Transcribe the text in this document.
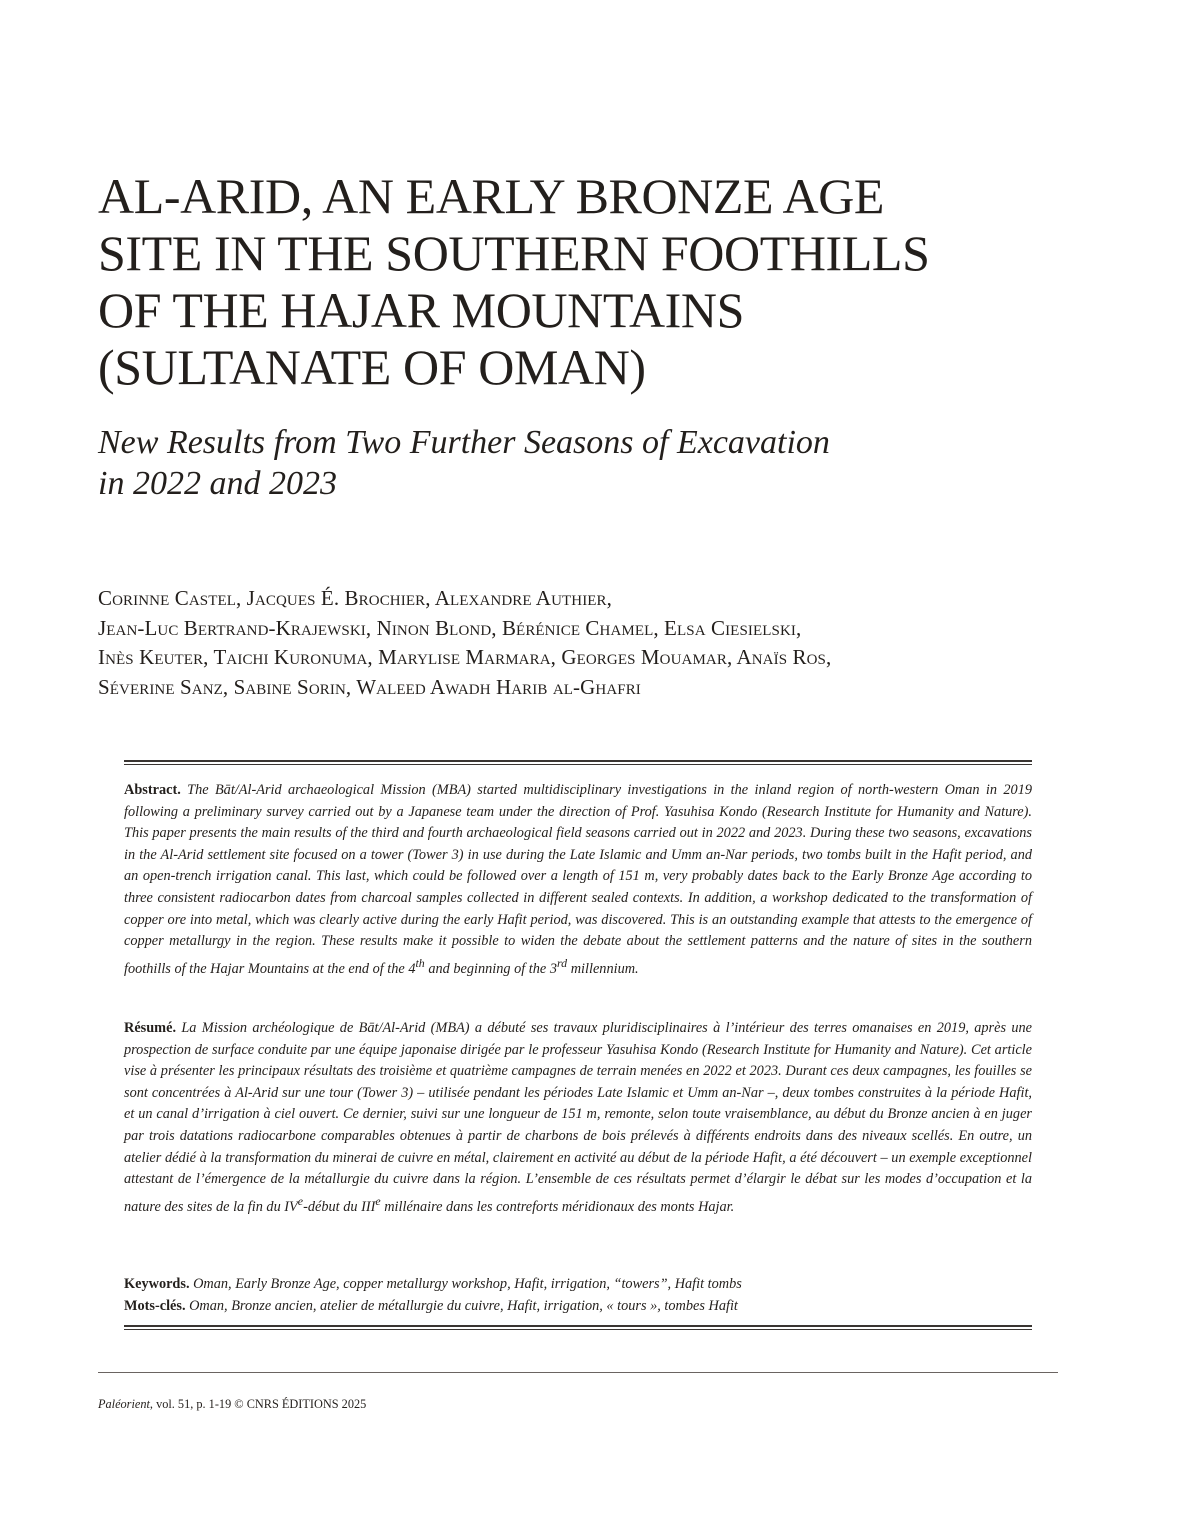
AL-ARID, AN EARLY BRONZE AGE
SITE IN THE SOUTHERN FOOTHILLS
OF THE HAJAR MOUNTAINS
(SULTANATE OF OMAN)
New Results from Two Further Seasons of Excavation
in 2022 and 2023
Corinne Castel, Jacques É. Brochier, Alexandre Authier,
Jean-Luc Bertrand-Krajewski, Ninon Blond, Bérénice Chamel, Elsa Ciesielski,
Inès Keuter, Taichi Kuronuma, Marylise Marmara, Georges Mouamar, Anaïs Ros,
Séverine Sanz, Sabine Sorin, Waleed Awadh Harib al-Ghafri

Abstract. The Bāt/Al-Arid archaeological Mission (MBA) started multidisciplinary investigations in the inland region of north-western Oman in 2019 following a preliminary survey carried out by a Japanese team under the direction of Prof. Yasuhisa Kondo (Research Institute for Humanity and Nature). This paper presents the main results of the third and fourth archaeological field seasons carried out in 2022 and 2023. During these two seasons, excavations in the Al-Arid settlement site focused on a tower (Tower 3) in use during the Late Islamic and Umm an-Nar periods, two tombs built in the Hafit period, and an open-trench irrigation canal. This last, which could be followed over a length of 151 m, very probably dates back to the Early Bronze Age according to three consistent radiocarbon dates from charcoal samples collected in different sealed contexts. In addition, a workshop dedicated to the transformation of copper ore into metal, which was clearly active during the early Hafit period, was discovered. This is an outstanding example that attests to the emergence of copper metallurgy in the region. These results make it possible to widen the debate about the settlement patterns and the nature of sites in the southern foothills of the Hajar Mountains at the end of the 4th and beginning of the 3rd millennium.

Résumé. La Mission archéologique de Bāt/Al-Arid (MBA) a débuté ses travaux pluridisciplinaires à l’intérieur des terres omanaises en 2019, après une prospection de surface conduite par une équipe japonaise dirigée par le professeur Yasuhisa Kondo (Research Institute for Humanity and Nature). Cet article vise à présenter les principaux résultats des troisième et quatrième campagnes de terrain menées en 2022 et 2023. Durant ces deux campagnes, les fouilles se sont concentrées à Al-Arid sur une tour (Tower 3) – utilisée pendant les périodes Late Islamic et Umm an-Nar –, deux tombes construites à la période Hafit, et un canal d’irrigation à ciel ouvert. Ce dernier, suivi sur une longueur de 151 m, remonte, selon toute vraisemblance, au début du Bronze ancien à en juger par trois datations radiocarbone comparables obtenues à partir de charbons de bois prélevés à différents endroits dans des niveaux scellés. En outre, un atelier dédié à la transformation du minerai de cuivre en métal, clairement en activité au début de la période Hafit, a été découvert – un exemple exceptionnel attestant de l’émergence de la métallurgie du cuivre dans la région. L’ensemble de ces résultats permet d’élargir le débat sur les modes d’occupation et la nature des sites de la fin du IVe-début du IIIe millénaire dans les contreforts méridionaux des monts Hajar.

Keywords. Oman, Early Bronze Age, copper metallurgy workshop, Hafit, irrigation, “towers”, Hafit tombs

Mots-clés. Oman, Bronze ancien, atelier de métallurgie du cuivre, Hafit, irrigation, « tours », tombes Hafit

Paléorient, vol. 51, p. 1-19 © CNRS ÉDITIONS 2025
